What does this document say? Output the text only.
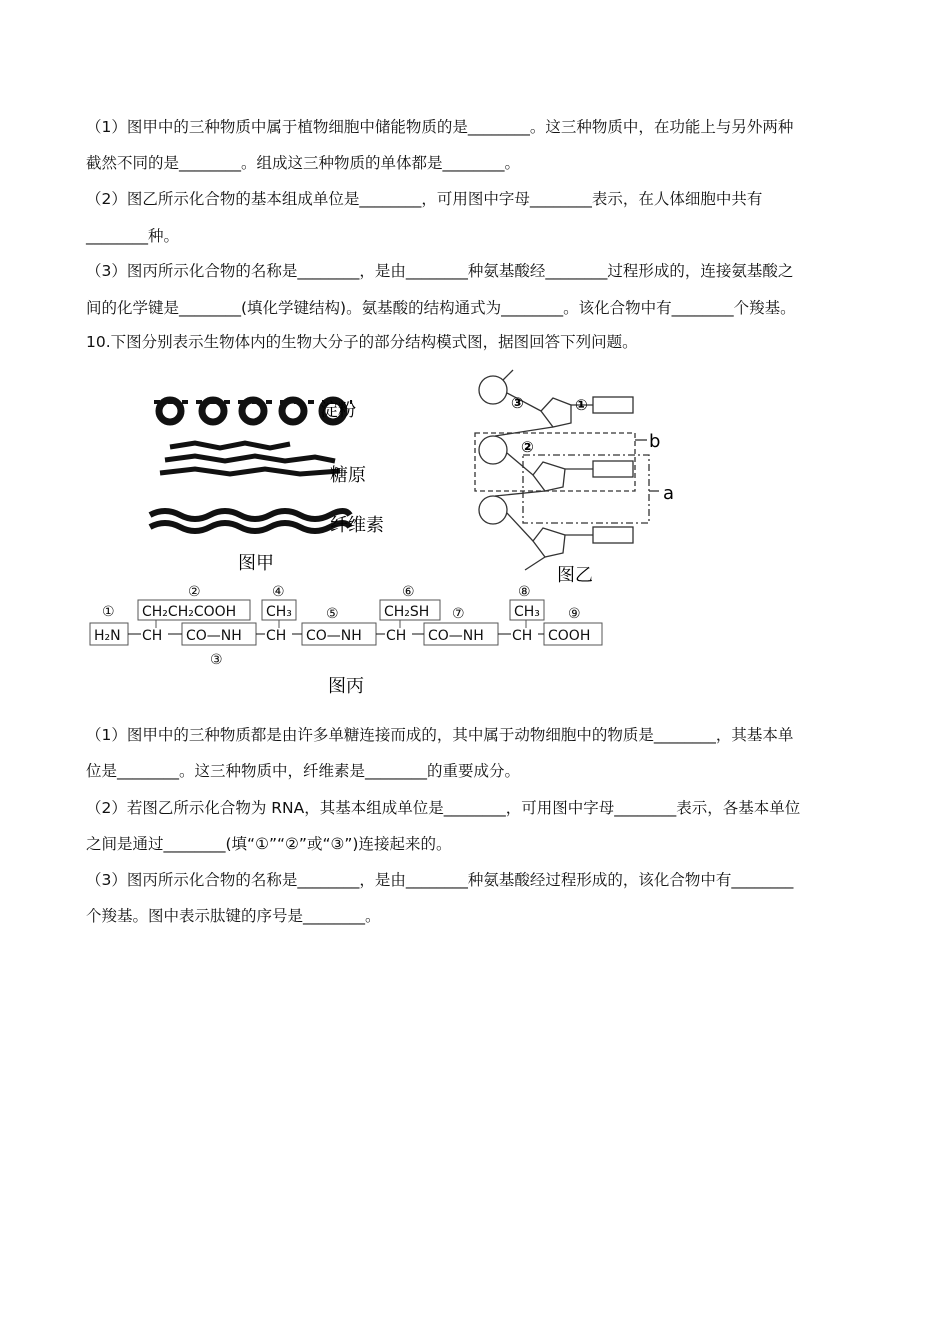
（1）图甲中的三种物质中属于植物细胞中储能物质的是________。这三种物质中，在功能上与另外两种
截然不同的是________。组成这三种物质的单体都是________。
（2）图乙所示化合物的基本组成单位是________，可用图中字母________表示，在人体细胞中共有
________种。
（3）图丙所示化合物的名称是________，是由________种氨基酸经________过程形成的，连接氨基酸之
间的化学键是________(填化学键结构)。氨基酸的结构通式为________。该化合物中有________个羧基。
10.下图分别表示生物体内的生物大分子的部分结构模式图，据图回答下列问题。
淀粉
糖原
纤维素
图甲
③	①
②	b
a
图乙
①
②
③
④
⑤
⑥
⑦
⑧
⑨
H₂N
CH₂CH₂COOH
CO—NH
CH₃
CO—NH
CH₂SH
CO—NH
CH₃
COOH
CH	CH	CH	CH
图丙
（1）图甲中的三种物质都是由许多单糖连接而成的，其中属于动物细胞中的物质是________，其基本单
位是________。这三种物质中，纤维素是________的重要成分。
（2）若图乙所示化合物为 RNA，其基本组成单位是________，可用图中字母________表示，各基本单位
之间是通过________(填“①”“②”或“③”)连接起来的。
（3）图丙所示化合物的名称是________，是由________种氨基酸经过程形成的，该化合物中有________
个羧基。图中表示肽键的序号是________。
